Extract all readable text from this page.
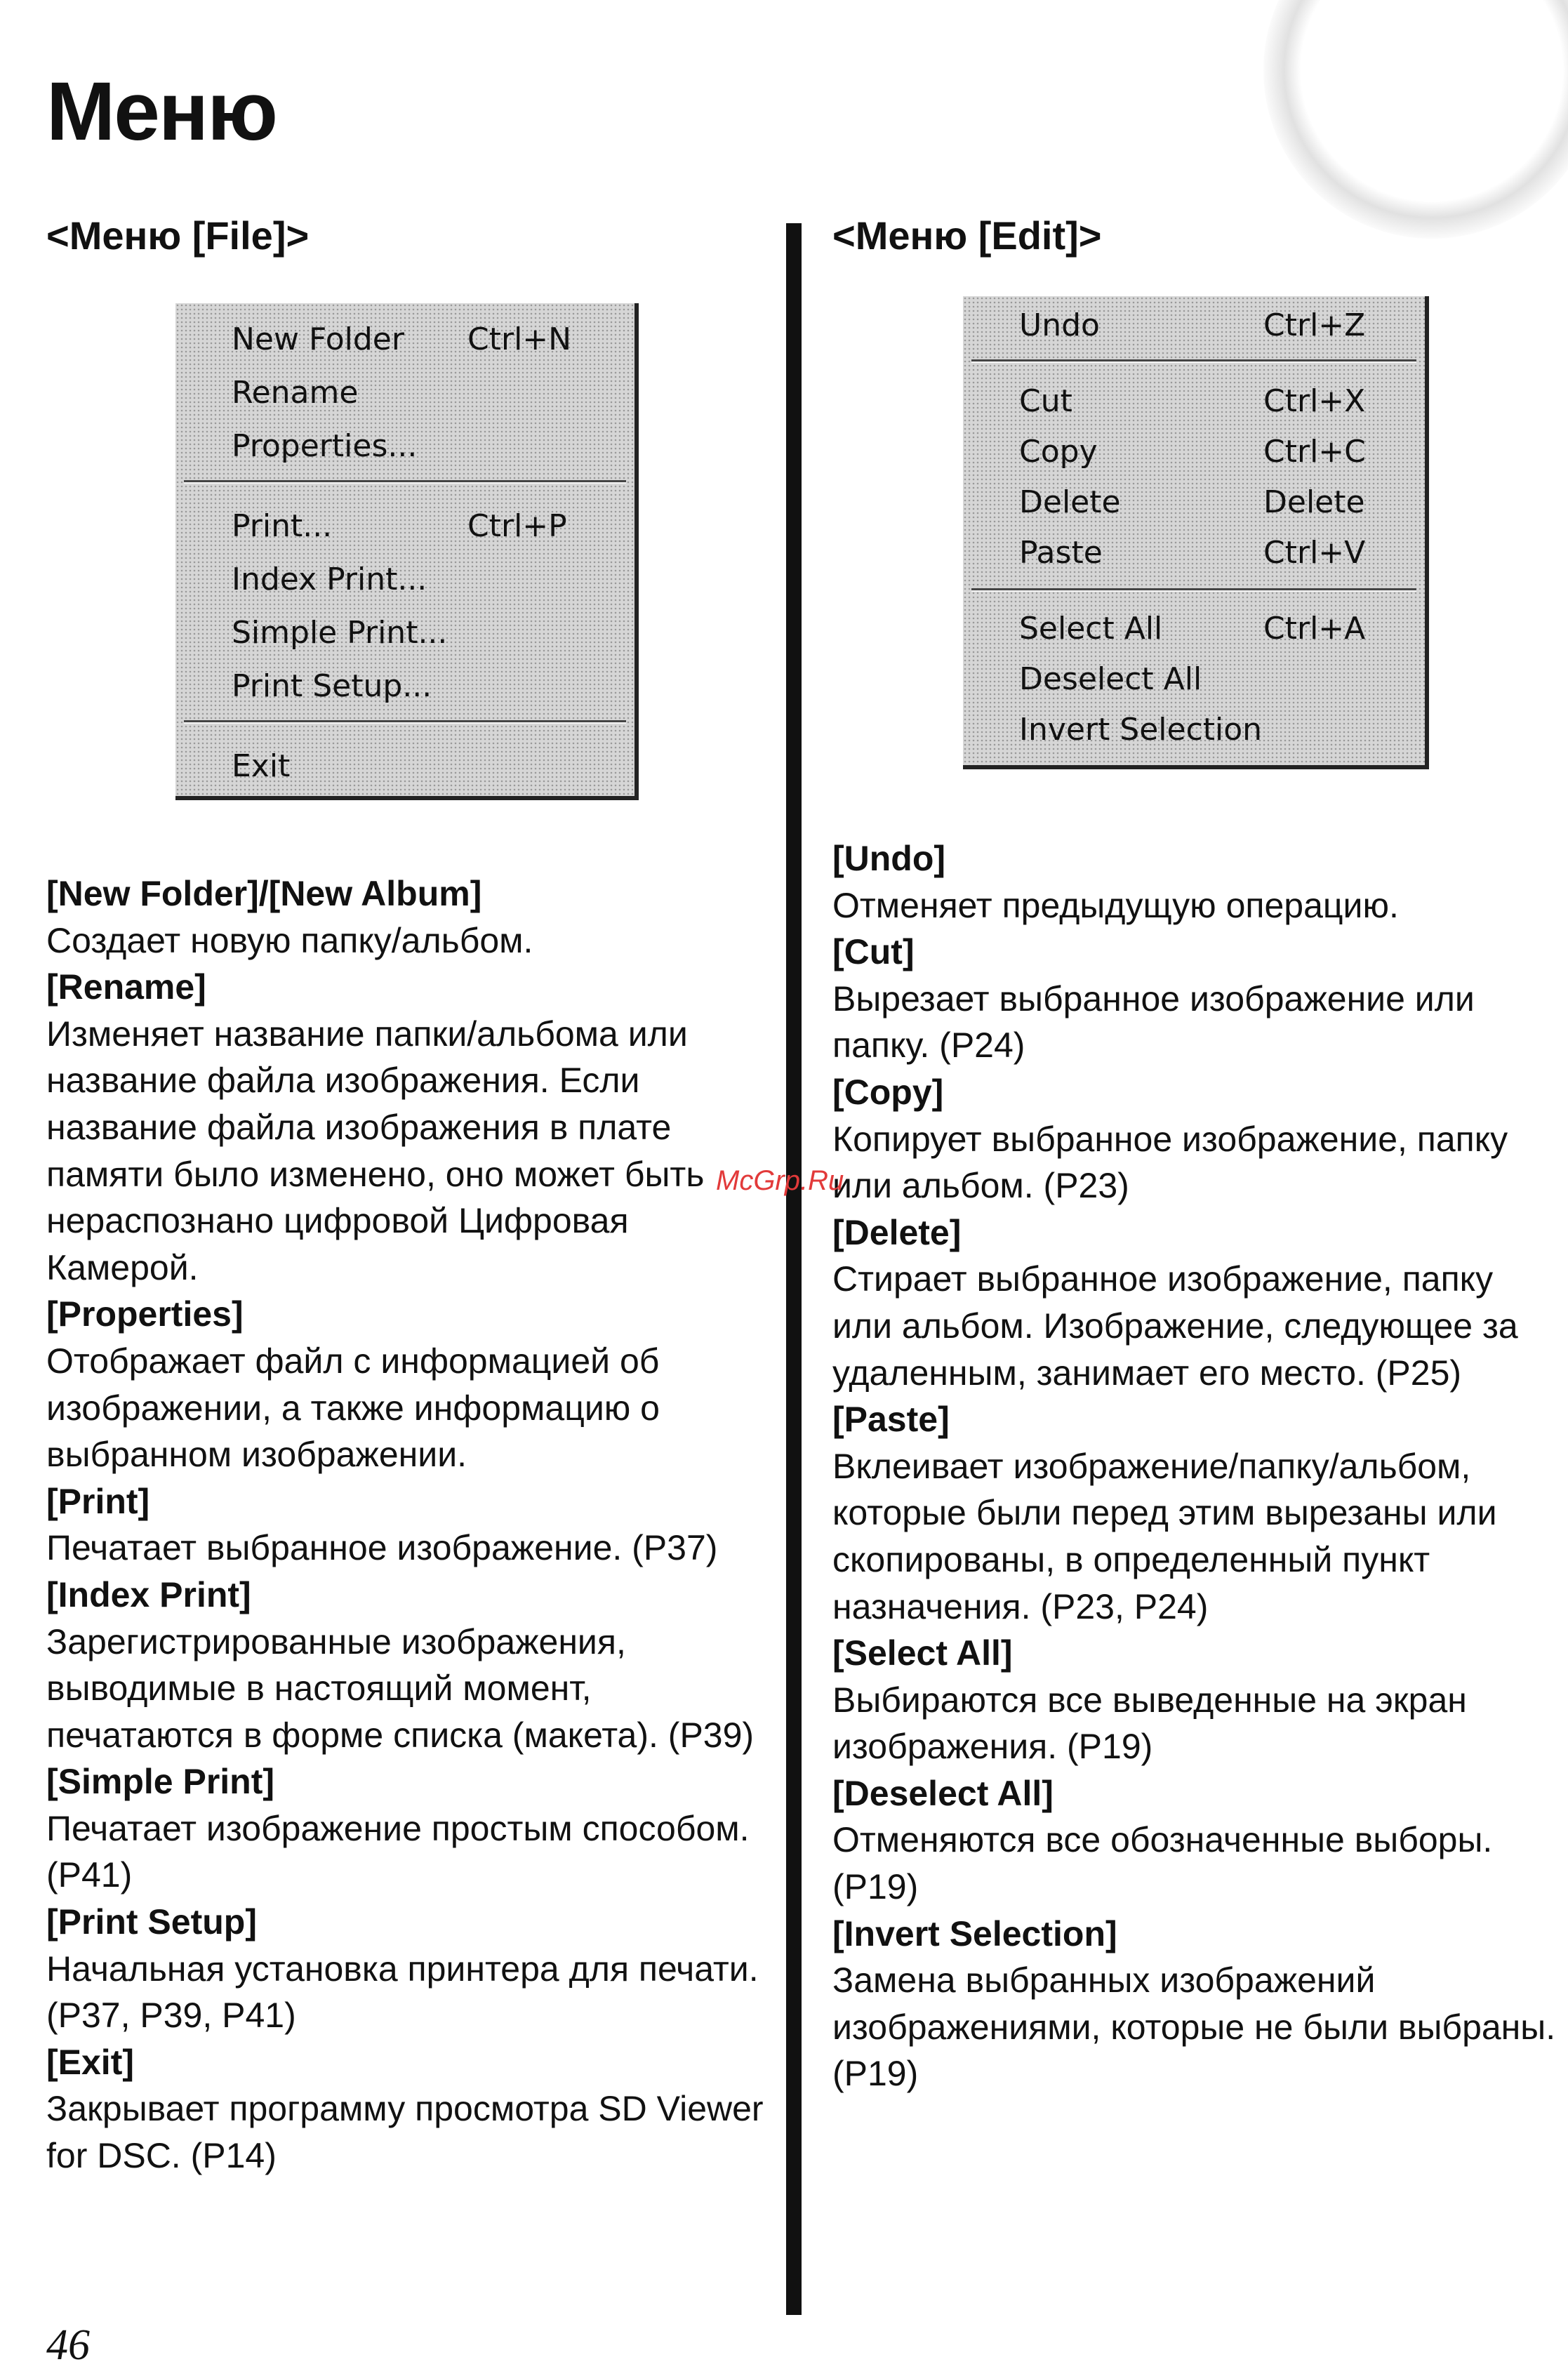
Меню
<Меню [File]>	<Меню [Edit]>
New Folder Ctrl+N
Rename
Properties...
Print...	Ctrl+P
Index Print...
Simple Print...
Print Setup...
Exit
Undo	Ctrl+Z
Cut	Ctrl+X
Copy	Ctrl+C
Delete	Delete
Paste	Ctrl+V
Select All	Ctrl+A
Deselect All
Invert Selection

[New Folder]/[New Album]

Создает новую папку/альбом.

[Rename]

Изменяет название папки/альбома или название файла изображения. Если название файла изображения в плате памяти было изменено, оно может быть нераспознано цифровой Цифровая Камерой.

[Properties]

Отображает файл с информацией об изображении, а также информацию о выбранном изображении.

[Print]

Печатает выбранное изображение. (P37)

[Index Print]

Зарегистрированные изображения, выводимые в настоящий момент, печатаются в форме списка (макета). (P39)

[Simple Print]

Печатает изображение простым способом. (P41)

[Print Setup]

Начальная установка принтера для печати. (P37, P39, P41)

[Exit]

Закрывает программу просмотра SD Viewer for DSC. (P14)

[Undo]

Отменяет предыдущую операцию.

[Cut]

Вырезает выбранное изображение или папку. (P24)

[Copy]

Копирует выбранное изображение, папку или альбом. (P23)

[Delete]

Стирает выбранное изображение, папку или альбом. Изображение, следующее за удаленным, занимает его место. (P25)

[Paste]

Вклеивает изображение/папку/альбом, которые были перед этим вырезаны или скопированы, в определенный пункт назначения. (P23, P24)

[Select All]

Выбираются все выведенные на экран изображения. (P19)

[Deselect All]

Отменяются все обозначенные выборы. (P19)

[Invert Selection]

Замена выбранных изображений изображениями, которые не были выбраны. (P19)

McGrp.Ru
46
